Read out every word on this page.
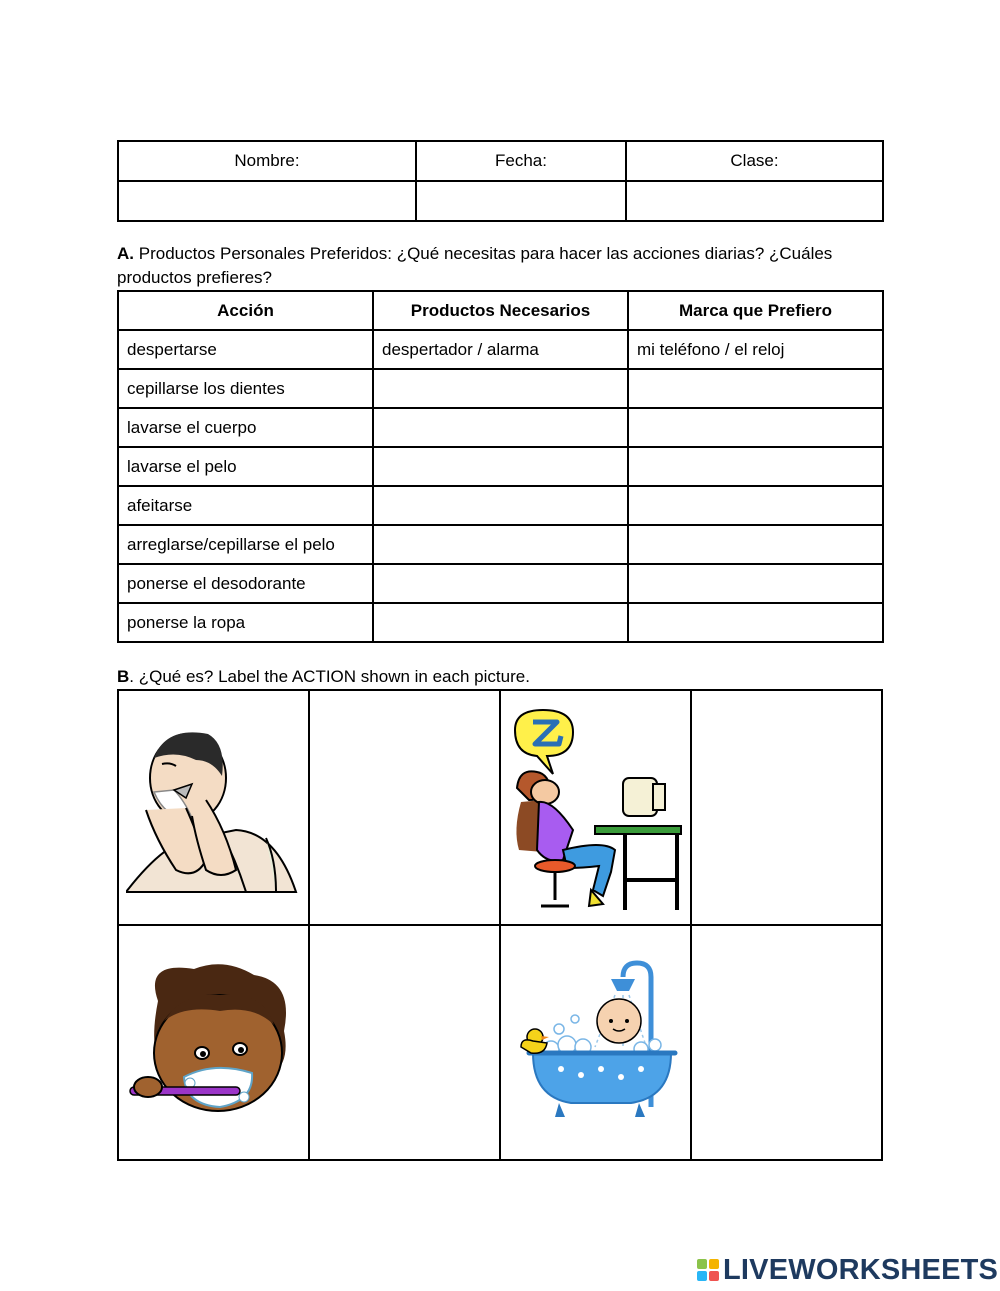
Nombre:	Fecha:	Clase:

A. Productos Personales Preferidos: ¿Qué necesitas para hacer las acciones diarias? ¿Cuáles productos prefieres?
Acción	Productos Necesarios	Marca que Prefiero
despertarse	despertador / alarma	mi teléfono / el reloj
cepillarse los dientes		
lavarse el cuerpo		
lavarse el pelo		
afeitarse		
arreglarse/cepillarse el pelo		
ponerse el desodorante		
ponerse la ropa		
B. ¿Qué es? Label the ACTION shown in each picture.

LIVEWORKSHEETS
